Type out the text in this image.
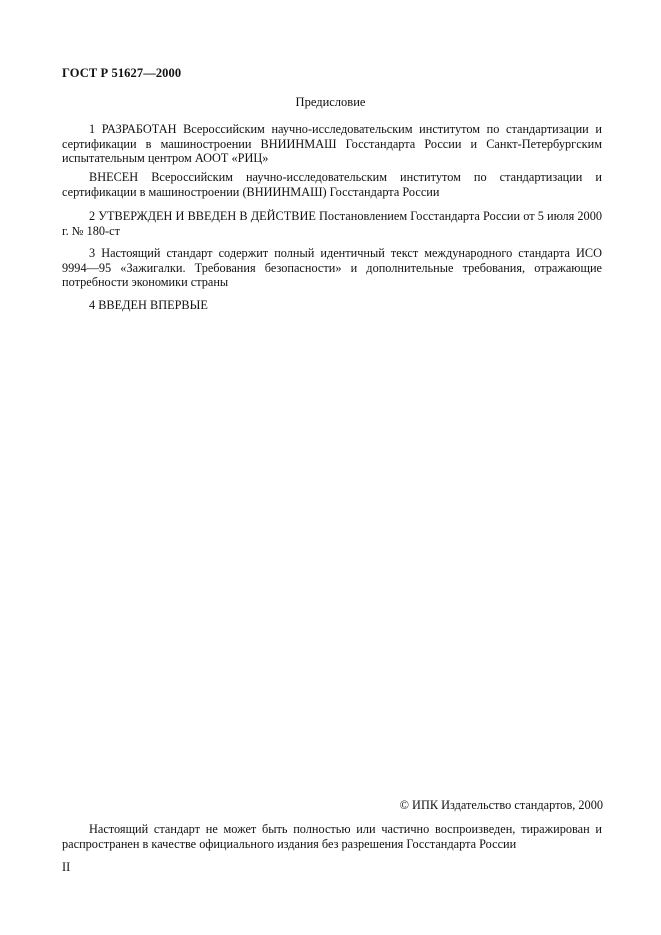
ГОСТ Р 51627—2000
Предисловие

1 РАЗРАБОТАН Всероссийским научно-исследовательским институтом по стандартизации и сертификации в машиностроении ВНИИНМАШ Госстандарта России и Санкт-Петербургским испытательным центром АООТ «РИЦ»

ВНЕСЕН Всероссийским научно-исследовательским институтом по стандартизации и сертификации в машиностроении (ВНИИНМАШ) Госстандарта России

2 УТВЕРЖДЕН И ВВЕДЕН В ДЕЙСТВИЕ Постановлением Госстандарта России от 5 июля 2000 г. № 180-ст

3 Настоящий стандарт содержит полный идентичный текст международного стандарта ИСО 9994—95 «Зажигалки. Требования безопасности» и дополнительные требования, отражающие потребности экономики страны

4 ВВЕДЕН ВПЕРВЫЕ

© ИПК Издательство стандартов, 2000

Настоящий стандарт не может быть полностью или частично воспроизведен, тиражирован и распространен в качестве официального издания без разрешения Госстандарта России

II
